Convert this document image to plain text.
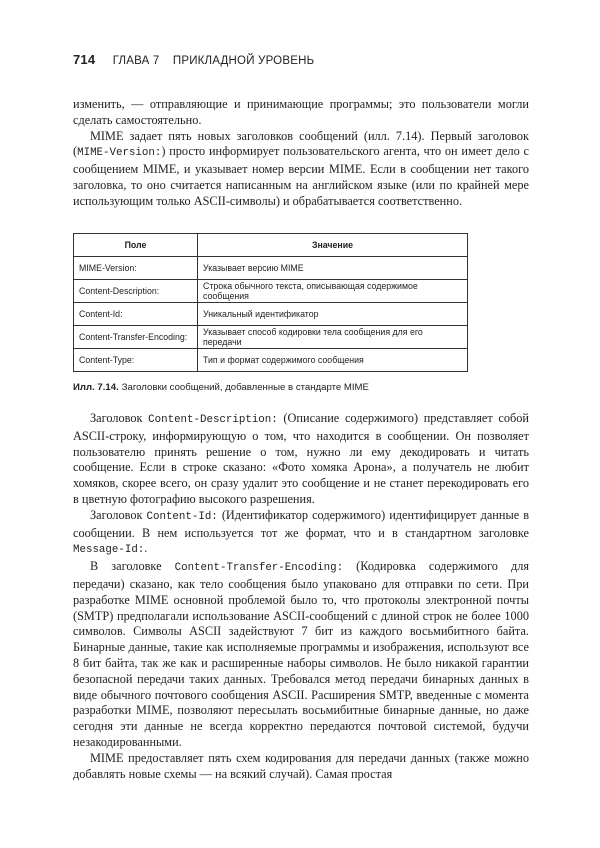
714 ГЛАВА 7 ПРИКЛАДНОЙ УРОВЕНЬ

изменить, — отправляющие и принимающие программы; это пользователи могли сделать самостоятельно.

MIME задает пять новых заголовков сообщений (илл. 7.14). Первый заголовок (MIME-Version:) просто информирует пользовательского агента, что он имеет дело с сообщением MIME, и указывает номер версии MIME. Если в сообщении нет такого заголовка, то оно считается написанным на английском языке (или по крайней мере использующим только ASCII-символы) и обрабатывается соответственно.

Поле	Значение
MIME-Version:	Указывает версию MIME
Content-Description:	Строка обычного текста, описывающая содержимое сообщения
Content-Id:	Уникальный идентификатор
Content-Transfer-Encoding:	Указывает способ кодировки тела сообщения для его передачи
Content-Type:	Тип и формат содержимого сообщения
Илл. 7.14. Заголовки сообщений, добавленные в стандарте MIME

Заголовок Content-Description: (Описание содержимого) представляет собой ASCII-строку, информирующую о том, что находится в сообщении. Он позволяет пользователю принять решение о том, нужно ли ему декодировать и читать сообщение. Если в строке сказано: «Фото хомяка Арона», а получатель не любит хомяков, скорее всего, он сразу удалит это сообщение и не станет перекодировать его в цветную фотографию высокого разрешения.

Заголовок Content-Id: (Идентификатор содержимого) идентифицирует данные в сообщении. В нем используется тот же формат, что и в стандартном заголовке Message-Id:.

В заголовке Content-Transfer-Encoding: (Кодировка содержимого для передачи) сказано, как тело сообщения было упаковано для отправки по сети. При разработке MIME основной проблемой было то, что протоколы электронной почты (SMTP) предполагали использование ASCII-сообщений с длиной строк не более 1000 символов. Символы ASCII задействуют 7 бит из каждого восьмибитного байта. Бинарные данные, такие как исполняемые программы и изображения, используют все 8 бит байта, так же как и расширенные наборы символов. Не было никакой гарантии безопасной передачи таких данных. Требовался метод передачи бинарных данных в виде обычного почтового сообщения ASCII. Расширения SMTP, введенные с момента разработки MIME, позволяют пересылать восьмибитные бинарные данные, но даже сегодня эти данные не всегда корректно передаются почтовой системой, будучи незакодированными.

MIME предоставляет пять схем кодирования для передачи данных (также можно добавлять новые схемы — на всякий случай). Самая простая
